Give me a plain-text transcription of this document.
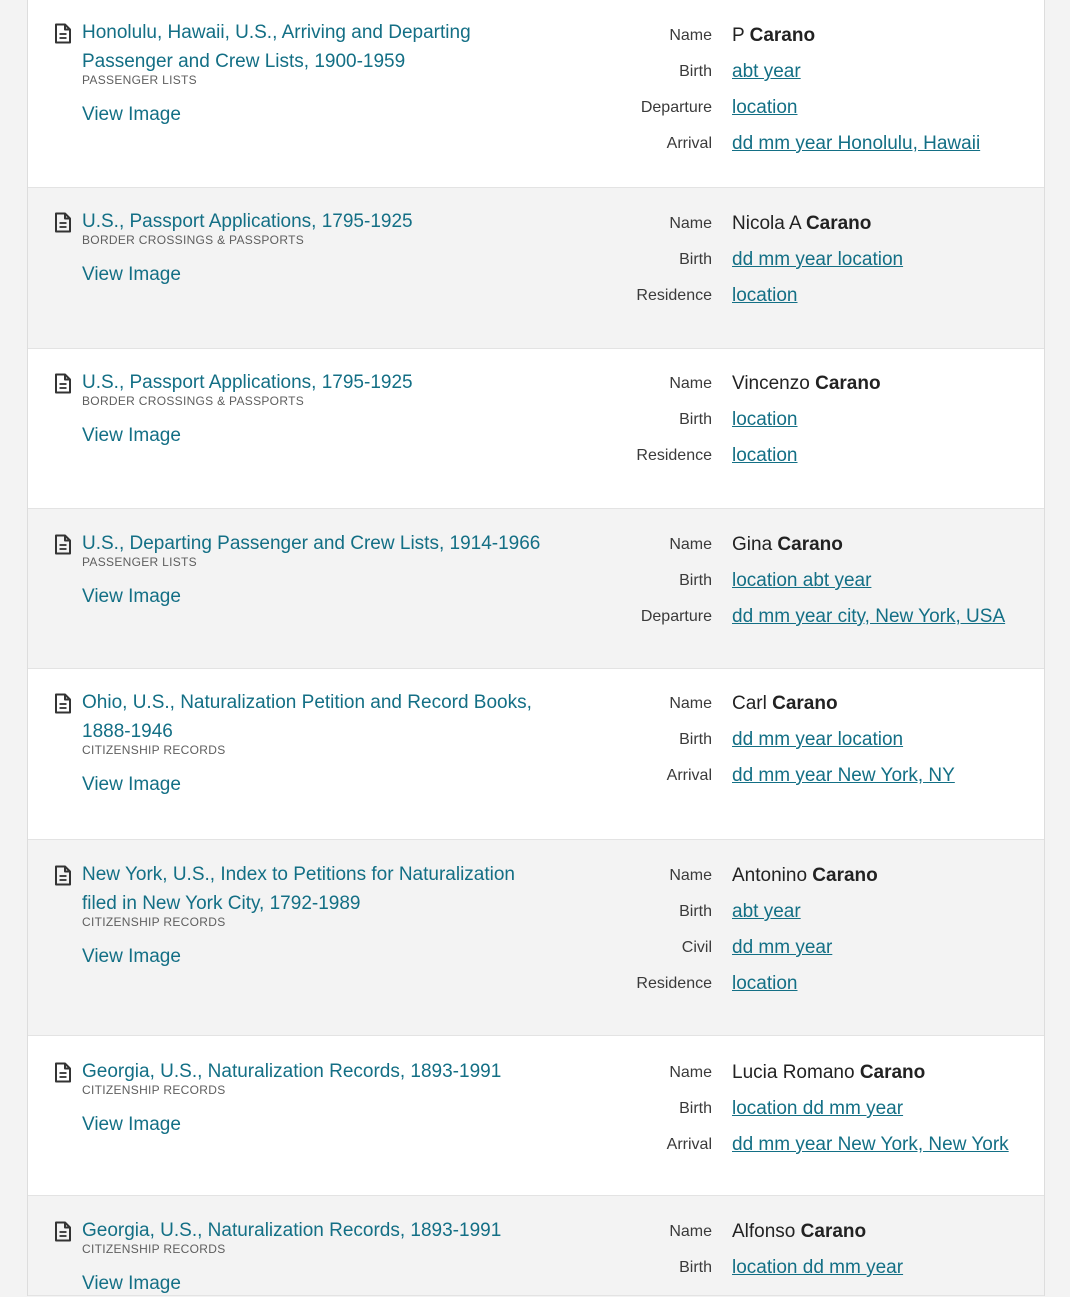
Honolulu, Hawaii, U.S., Arriving and Departing Passenger and Crew Lists, 1900-1959
PASSENGER LISTS
View Image
Name P Carano
Birth abt year
Departure location
Arrival dd mm year Honolulu, Hawaii
U.S., Passport Applications, 1795-1925
BORDER CROSSINGS & PASSPORTS
View Image
Name Nicola A Carano
Birth dd mm year location
Residence location
U.S., Passport Applications, 1795-1925
BORDER CROSSINGS & PASSPORTS
View Image
Name Vincenzo Carano
Birth location
Residence location
U.S., Departing Passenger and Crew Lists, 1914-1966
PASSENGER LISTS
View Image
Name Gina Carano
Birth location abt year
Departure dd mm year city, New York, USA
Ohio, U.S., Naturalization Petition and Record Books, 1888-1946
CITIZENSHIP RECORDS
View Image
Name Carl Carano
Birth dd mm year location
Arrival dd mm year New York, NY
New York, U.S., Index to Petitions for Naturalization filed in New York City, 1792-1989
CITIZENSHIP RECORDS
View Image
Name Antonino Carano
Birth abt year
Civil dd mm year
Residence location
Georgia, U.S., Naturalization Records, 1893-1991
CITIZENSHIP RECORDS
View Image
Name Lucia Romano Carano
Birth location dd mm year
Arrival dd mm year New York, New York
Georgia, U.S., Naturalization Records, 1893-1991
CITIZENSHIP RECORDS
View Image
Name Alfonso Carano
Birth location dd mm year
